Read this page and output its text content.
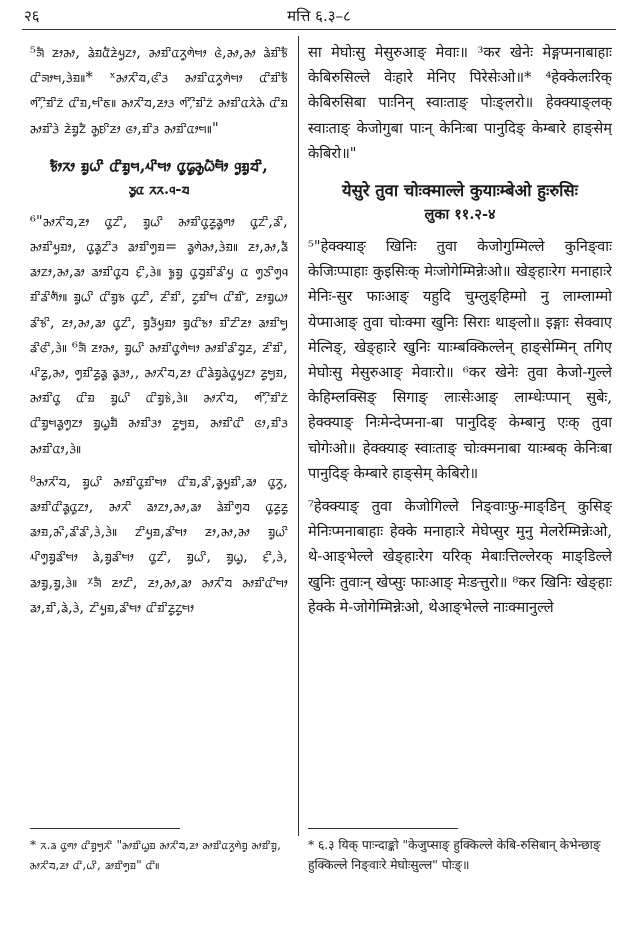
२६	मत्ति ६.३–८

⁵ᤈᤠ ᤏᤣᤌᤣ, ᤕᤧᤀᤂᤠᤏᤧᤘᤢᤁᤣ, ᤌᤣᤀᤡᤂᤖᤢᤛᤧᤗᤣ ᤜᤧ,ᤌᤣ,ᤌᤣ ᤕᤧᤀᤡᤃᤠ ᤂᤡᤈᤣᤗ,ᤋᤧᤀ॥* ˣᤌᤣᤖᤡᤔ,ᤜᤡᤋ ᤌᤣᤀᤡᤂᤖᤢᤛᤧᤗᤣ ᤂᤡᤀᤡᤃᤠ ᤛᤡ᤹ᤡᤀᤡᤁ᤺ ᤂᤡᤀ,ᤗᤡᤇ॥ ᤌᤣᤖᤡᤔ,ᤏᤣᤋ ᤛᤡ᤹ᤡᤀᤡᤁ᤺ ᤌᤣᤀᤡᤂᤖᤧᤌᤧ ᤂᤡᤀ ᤌᤣᤀᤡᤋᤧ ᤏᤧᤀᤢᤁᤠ ᤌᤢᤎᤡᤏᤣ ᤜᤣ,ᤀᤡᤋ ᤌᤣᤀᤡᤂᤣᤗ॥"

ᤃᤥᤖᤣ ᤀᤢᤐᤡ ᤂᤡᤀᤢᤗ,ᤘᤡᤗᤣ ᤂᤢᤒᤢᤌᤢᤐᤠᤗᤥ ᤚᤢᤀᤢᤔᤡ,
ᤍᤢᤂ ᤖᤖ.ᤚ-ᤔ

⁶"ᤌᤣᤖᤡᤔ,ᤏᤣ ᤂᤢᤁᤡ, ᤀᤢᤐᤡ ᤌᤣᤀᤡᤂᤢᤏᤢᤕᤢᤛᤣ ᤂᤢᤁᤡ,ᤕᤡ, ᤌᤣᤀᤡᤘᤢᤀᤣ, ᤂᤢᤕᤢᤁᤡᤋ ᤕᤣᤀᤡᤛᤢᤀ= ᤕᤢᤛᤧᤌᤣ,ᤋᤧᤀ॥ ᤏᤣ,ᤌᤣ,ᤕᤠ ᤕᤣᤁᤣ,ᤌᤣ,ᤕᤣ ᤕᤣᤀᤡᤂᤢᤔ ᤉᤡ,ᤋᤧ॥ ᤃᤢᤀᤢ ᤂᤢᤔᤢᤀᤡᤕᤡᤘᤢ ᤂ ᤛᤢᤍᤡᤛᤢᤚ ᤀᤡᤕᤡᤛᤥ॥ ᤀᤢᤐᤡ ᤂᤡᤀᤢᤃ ᤂᤢᤁᤡ, ᤏᤡᤀᤡ, ᤁᤢᤀᤡᤗ ᤂᤡᤀᤡ᤺, ᤏᤣᤀᤢᤐᤣ ᤕᤡᤃᤡ, ᤏᤣ,ᤌᤣ,ᤕᤣ ᤂᤢᤁᤡ, ᤀᤢᤋᤠᤘᤢᤀᤣ ᤀᤢᤂᤡᤃᤣ ᤀᤡᤁᤡᤏᤣ ᤕᤣᤀᤡᤗᤢ ᤕᤡᤜᤡ,ᤋᤧ॥ ⁶ᤈᤠ ᤏᤣᤌᤣ, ᤀᤢᤐᤡ ᤌᤣᤀᤡᤂᤢᤛᤧᤗᤣ ᤌᤣᤀᤡᤕᤡᤔᤢᤏ, ᤏᤡᤀᤡ, ᤘᤡᤏᤢ,ᤌᤣ, ᤛᤢᤀᤡᤏᤢᤕᤢ ᤕᤢᤋᤣ,, ᤌᤣᤖᤡᤔ,ᤏᤣ ᤂᤡᤕᤧᤀᤢᤕᤧᤂᤢᤘᤢᤁᤣ ᤏᤢᤗᤢᤀ, ᤌᤣᤀᤡᤂᤢ ᤂᤡᤀ ᤀᤢᤐᤡ ᤂᤡᤀᤢᤃᤧ,ᤋᤧ॥ ᤌᤣᤖᤡᤔ, ᤛᤡ᤹ᤡᤀᤡᤁ᤺ ᤂᤡᤀᤢᤗᤕᤢᤛᤢᤁᤣ ᤀᤢᤐᤢᤀᤠ ᤌᤣᤀᤡᤋᤣ ᤏᤢᤗᤢᤀ, ᤌᤣᤀᤡᤂᤡ ᤜᤣ,ᤀᤡᤋ ᤌᤣᤀᤡᤂᤣ,ᤋᤧ॥

⁸ᤌᤣᤖᤡᤔ, ᤀᤢᤐᤡ ᤌᤣᤀᤡᤂᤢᤀᤡᤗᤣ ᤂᤡᤀ,ᤕᤡ,ᤕᤢᤘᤢᤀᤡ,ᤕᤣ ᤂᤢᤖᤢ, ᤕᤣᤀᤡᤂᤡᤕᤢᤂᤢᤁᤣ, ᤌᤣᤖᤡ ᤕᤣᤁᤣ,ᤌᤣ,ᤕᤣ ᤕᤧᤀᤡᤛᤢᤔ ᤂᤢᤏᤢᤏᤢ ᤕᤣᤀ,ᤌᤡ,ᤕᤡᤕᤡ,ᤋᤧ,ᤋᤧ॥ ᤁᤡᤘᤢᤀ,ᤕᤡᤗᤣ ᤏᤣ,ᤌᤣ,ᤌᤣ ᤀᤢᤐᤡ ᤘᤡᤛᤢᤀᤢᤕᤡᤗᤣ ᤕᤧ,ᤀᤢᤕᤡᤗᤣ ᤂᤢᤁᤡ, ᤀᤢᤐᤡ, ᤀᤢᤐᤢ, ᤉᤡ,ᤋᤧ, ᤕᤣᤀᤢ,ᤀᤢ,ᤋᤧ॥ ᵡᤈᤠ ᤏᤣᤁᤡ, ᤏᤣ,ᤌᤣ,ᤕᤣ ᤌᤣᤖᤡᤔ ᤌᤣᤀᤡᤂᤡᤗᤣ ᤕᤣ,ᤀᤡ,ᤕᤧ,ᤋᤧ, ᤁᤡᤘᤢᤀ,ᤕᤡᤗᤣ ᤂᤡᤀᤡᤏᤢᤁᤢᤗᤣ

सा मेघोःसु मेसुरुआङ् मेवाः॥ ³कर खेनेः मेङ्गप्मनाबाहाः केबिरुसिल्ले वेःहारे मेनिए पिरेसेःओ॥* ⁴हेक्केलःरिक् केबिरुसिबा पाःनिन् स्वाःताङ् पोःङ्लरो॥ हेक्क्याङ्लक् स्वाःताङ् केजोगुबा पाःन् केनिःबा पानुदिङ् केम्बारे हाङ्सेम् केबिरो॥"

येसुरे तुवा चोःक्माल्ले कुयाःम्बेओ हुःरुसिः
लुका ११.२-४

⁵"हेक्क्याङ् खिनिः तुवा केजोगुम्मिल्ले कुनिङ्वाः केजिःप्पाहाः कुइसिःक् मेःजोगेम्मिन्नेःओ॥ खेङ्हाःरेग मनाहाःरे मेनिः-सुर फाःआङ् यहुदि चुम्लुङ्हिम्मो नु लाम्लाम्मो येप्माआङ् तुवा चोःक्मा खुनिः सिराः थाङ्लो॥ इङ्गाः सेक्वाए मेत्निङ्, खेङ्हाःरे खुनिः याःम्बक्किल्लेन् हाङ्सेम्मिन् तगिए मेघोःसु मेसुरुआङ् मेवाःरो॥ ⁶कर खेनेः तुवा केजो-गुल्ले केहिम्लक्सिङ् सिगाङ् लाःसेःआङ् लाम्धेःप्पान् सुबेः, हेक्क्याङ् निःमेन्देप्मना-बा पानुदिङ् केम्बानु एःक् तुवा चोगेःओ॥ हेक्क्याङ् स्वाःताङ् चोःक्मनाबा याःम्बक् केनिःबा पानुदिङ् केम्बारे हाङ्सेम् केबिरो॥

⁷हेक्क्याङ् तुवा केजोगिल्ले निङ्वाःफु-माङ्डिन् कुसिङ् मेनिःप्मनाबाहाः हेक्के मनाहाःरे मेघेप्सुर मुनु मेलरेम्मिन्नेःओ, थे-आङ्भेल्ले खेङ्हाःरेग यरिक् मेबाःत्तिल्लेरक् माङ्डिल्ले खुनिः तुवाःन् खेप्सुः फाःआङ् मेःङत्तुरो॥ ⁸कर खिनिः खेङ्हाः हेक्के मे-जोगेम्मिन्नेःओ, थेआङ्भेल्ले नाःक्मानुल्ले

* ᤖ.ᤕ ᤂᤢᤛᤣ ᤂᤡᤀᤢᤗᤢᤖᤡ "ᤌᤣᤀᤡᤐᤢᤀ ᤌᤣᤖᤡᤔ,ᤏᤣ ᤌᤣᤀᤡᤂᤖᤢᤛᤧᤀᤢ ᤌᤣᤀᤡᤀᤢ, ᤌᤣᤖᤡᤔ,ᤏᤣ ᤂᤡ,ᤐᤡ, ᤕᤣᤀᤡᤛᤢᤀ" ᤂᤡ॥
* ६.३ यिक् पाःन्दाङ्को "केजुप्साङ् हुक्किल्ले केबि-रुसिबान् केभेन्छाङ् हुक्किल्ले निङ्वाःरे मेघोःसुल्ल" पोःङ्॥
